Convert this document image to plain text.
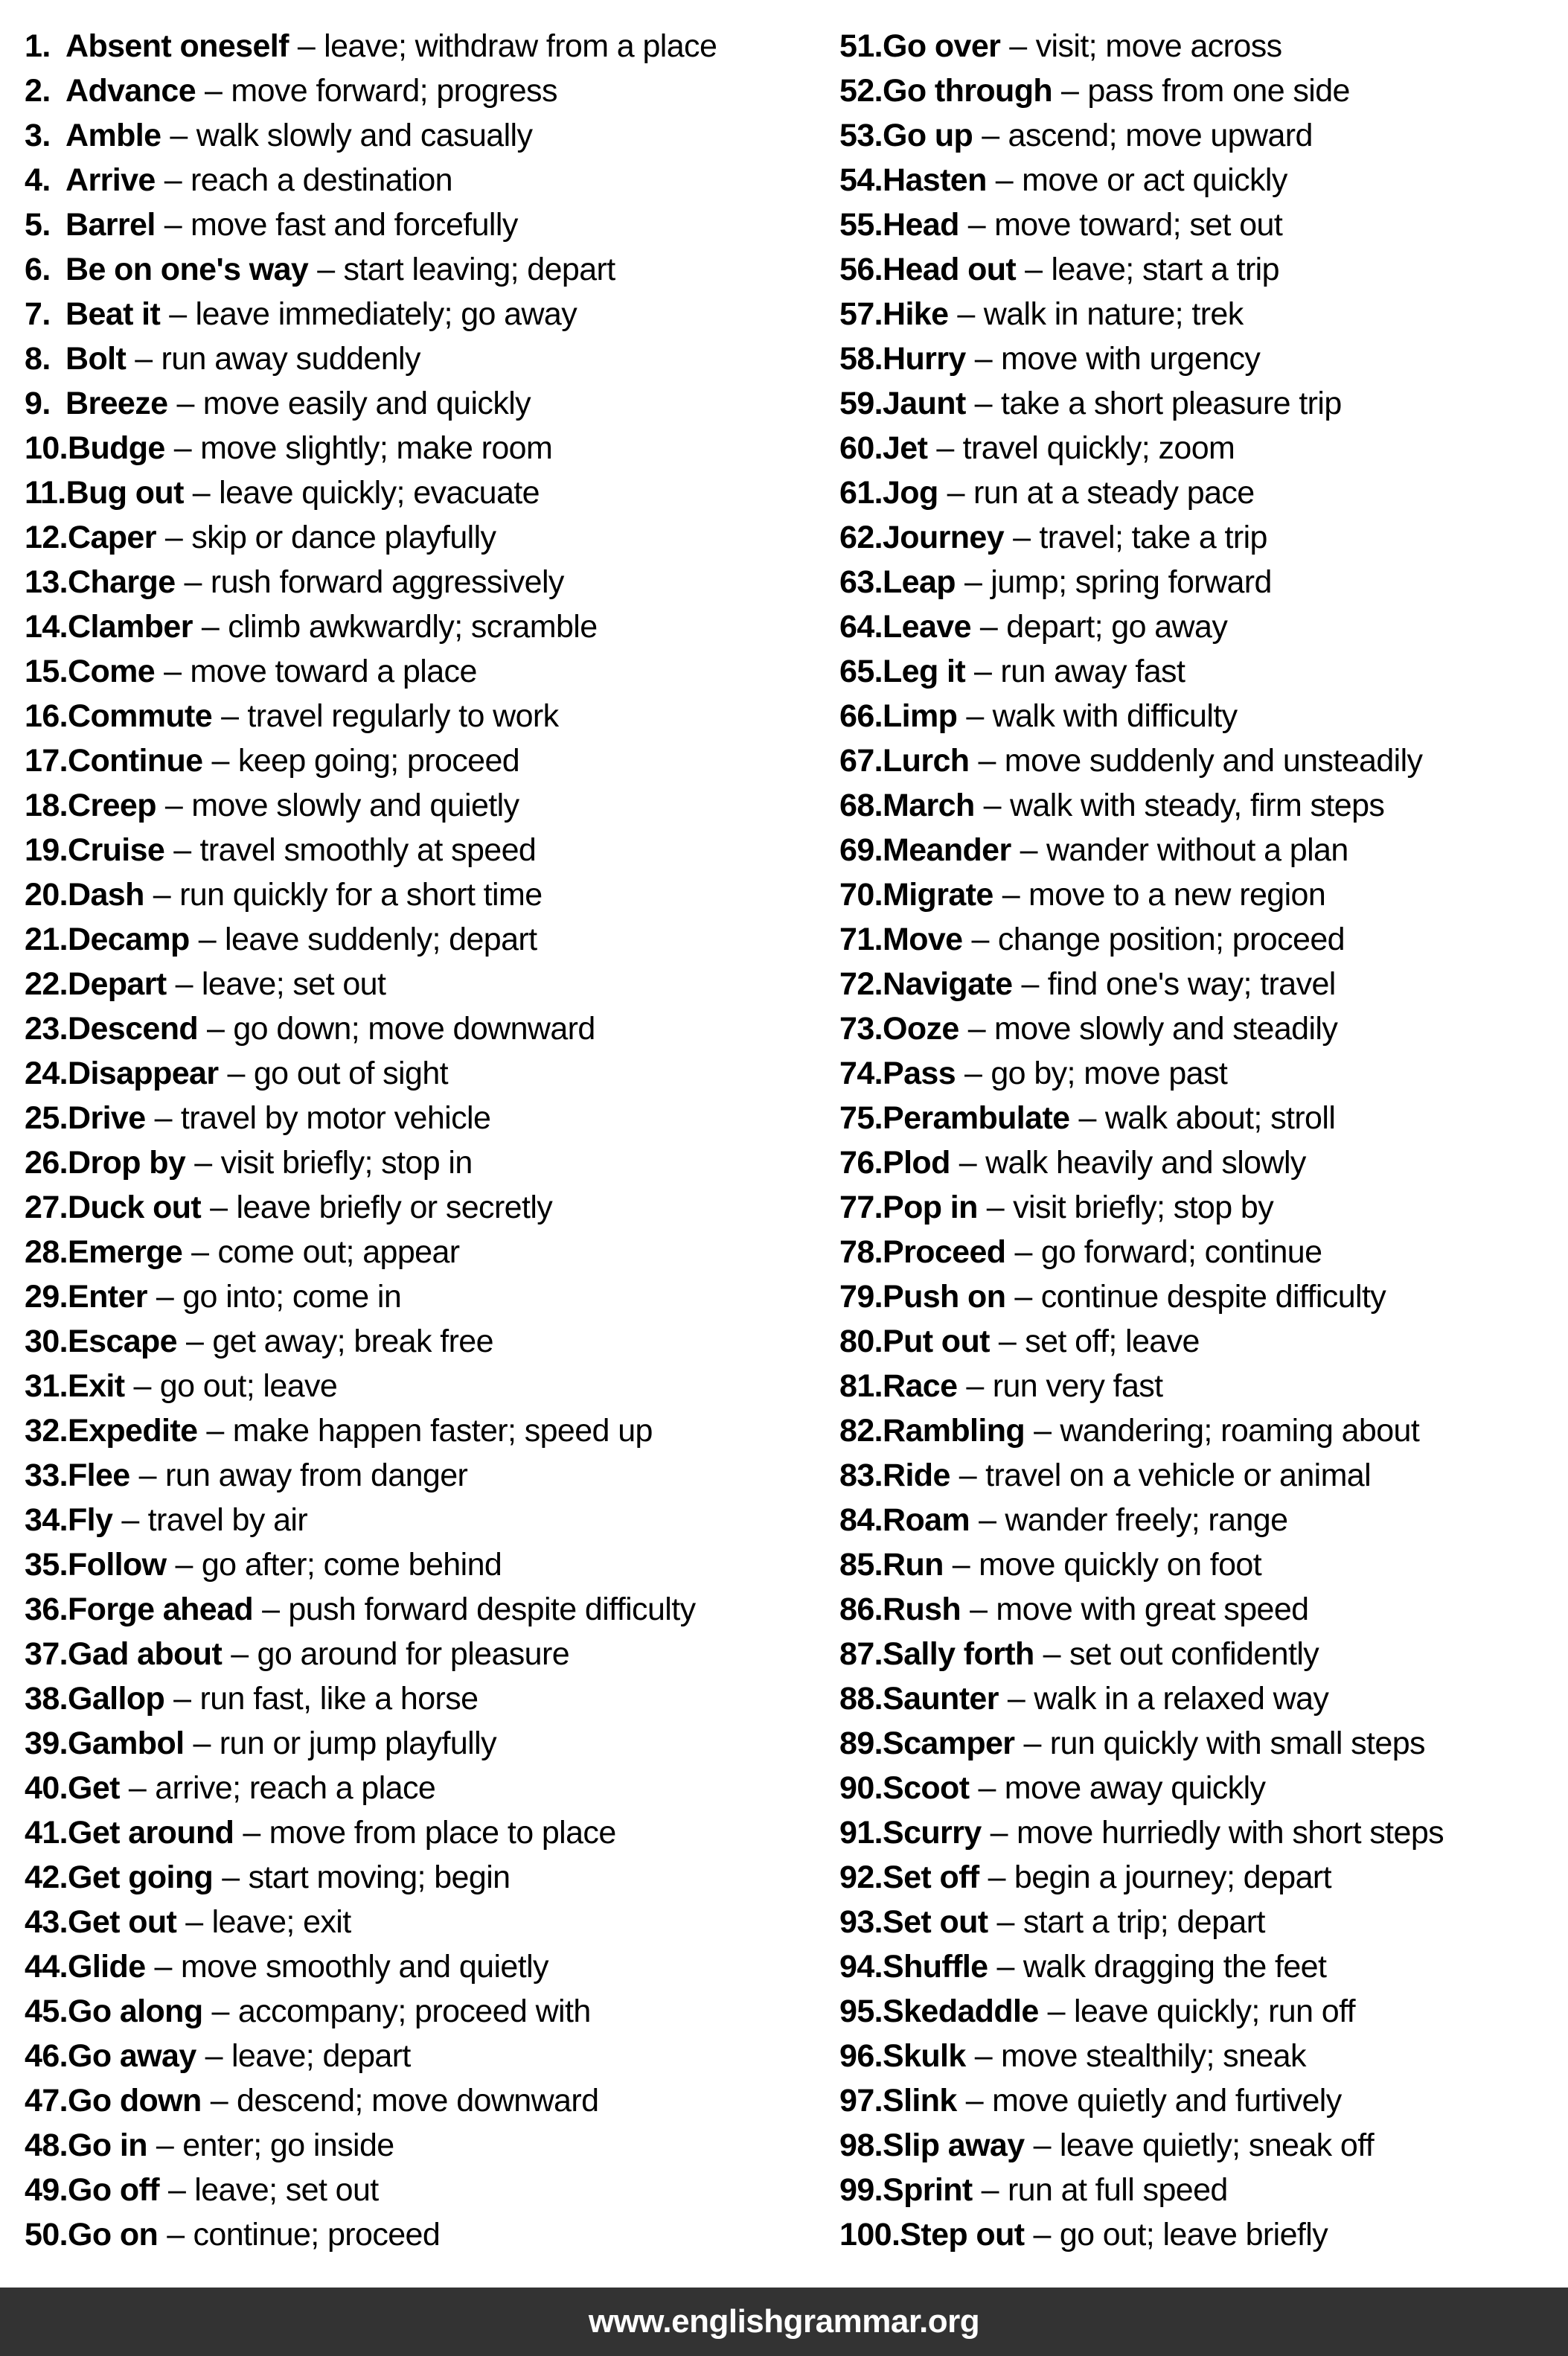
1. Absent oneself – leave; withdraw from a place
2. Advance – move forward; progress
3. Amble – walk slowly and casually
4. Arrive – reach a destination
5. Barrel – move fast and forcefully
6. Be on one's way – start leaving; depart
7. Beat it – leave immediately; go away
8. Bolt – run away suddenly
9. Breeze – move easily and quickly
10. Budge – move slightly; make room
11. Bug out – leave quickly; evacuate
12. Caper – skip or dance playfully
13. Charge – rush forward aggressively
14. Clamber – climb awkwardly; scramble
15. Come – move toward a place
16. Commute – travel regularly to work
17. Continue – keep going; proceed
18. Creep – move slowly and quietly
19. Cruise – travel smoothly at speed
20. Dash – run quickly for a short time
21. Decamp – leave suddenly; depart
22. Depart – leave; set out
23. Descend – go down; move downward
24. Disappear – go out of sight
25. Drive – travel by motor vehicle
26. Drop by – visit briefly; stop in
27. Duck out – leave briefly or secretly
28. Emerge – come out; appear
29. Enter – go into; come in
30. Escape – get away; break free
31. Exit – go out; leave
32. Expedite – make happen faster; speed up
33. Flee – run away from danger
34. Fly – travel by air
35. Follow – go after; come behind
36. Forge ahead – push forward despite difficulty
37. Gad about – go around for pleasure
38. Gallop – run fast, like a horse
39. Gambol – run or jump playfully
40. Get – arrive; reach a place
41. Get around – move from place to place
42. Get going – start moving; begin
43. Get out – leave; exit
44. Glide – move smoothly and quietly
45. Go along – accompany; proceed with
46. Go away – leave; depart
47. Go down – descend; move downward
48. Go in – enter; go inside
49. Go off – leave; set out
50. Go on – continue; proceed
51. Go over – visit; move across
52. Go through – pass from one side
53. Go up – ascend; move upward
54. Hasten – move or act quickly
55. Head – move toward; set out
56. Head out – leave; start a trip
57. Hike – walk in nature; trek
58. Hurry – move with urgency
59. Jaunt – take a short pleasure trip
60. Jet – travel quickly; zoom
61. Jog – run at a steady pace
62. Journey – travel; take a trip
63. Leap – jump; spring forward
64. Leave – depart; go away
65. Leg it – run away fast
66. Limp – walk with difficulty
67. Lurch – move suddenly and unsteadily
68. March – walk with steady, firm steps
69. Meander – wander without a plan
70. Migrate – move to a new region
71. Move – change position; proceed
72. Navigate – find one's way; travel
73. Ooze – move slowly and steadily
74. Pass – go by; move past
75. Perambulate – walk about; stroll
76. Plod – walk heavily and slowly
77. Pop in – visit briefly; stop by
78. Proceed – go forward; continue
79. Push on – continue despite difficulty
80. Put out – set off; leave
81. Race – run very fast
82. Rambling – wandering; roaming about
83. Ride – travel on a vehicle or animal
84. Roam – wander freely; range
85. Run – move quickly on foot
86. Rush – move with great speed
87. Sally forth – set out confidently
88. Saunter – walk in a relaxed way
89. Scamper – run quickly with small steps
90. Scoot – move away quickly
91. Scurry – move hurriedly with short steps
92. Set off – begin a journey; depart
93. Set out – start a trip; depart
94. Shuffle – walk dragging the feet
95. Skedaddle – leave quickly; run off
96. Skulk – move stealthily; sneak
97. Slink – move quietly and furtively
98. Slip away – leave quietly; sneak off
99. Sprint – run at full speed
100. Step out – go out; leave briefly
www.englishgrammar.org
